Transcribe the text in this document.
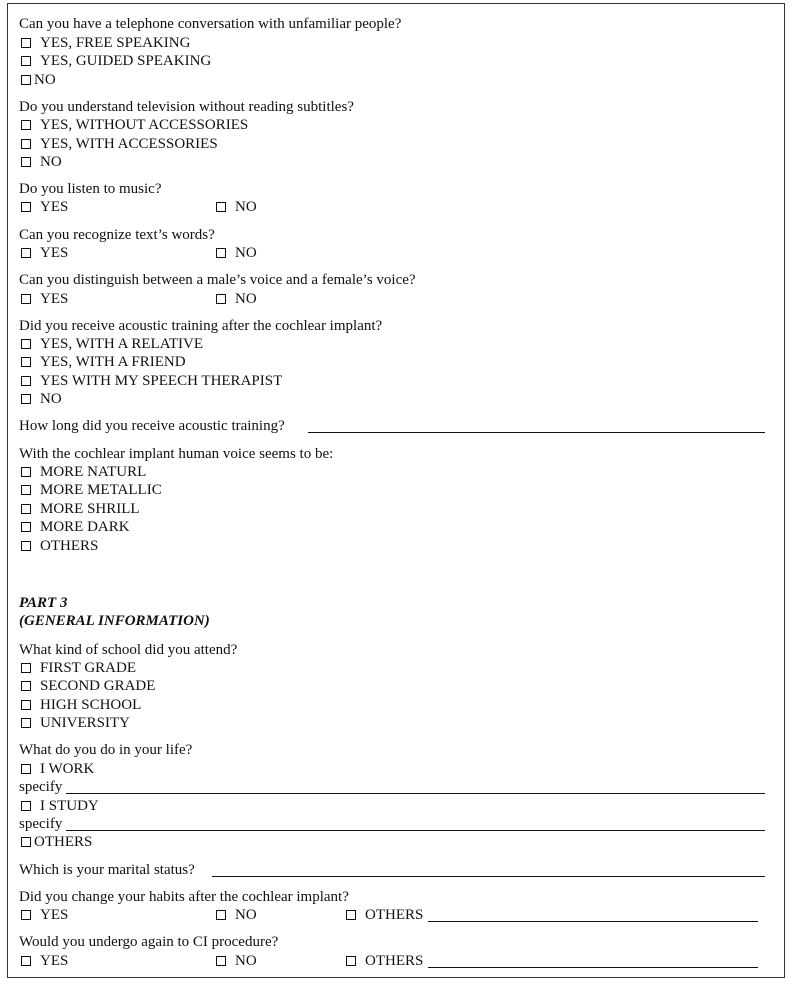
Can you have a telephone conversation with unfamiliar people?
YES, FREE SPEAKING
YES, GUIDED SPEAKING
NO
Do you understand television without reading subtitles?
YES, WITHOUT ACCESSORIES
YES, WITH ACCESSORIES
NO
Do you listen to music?
YES	NO
Can you recognize text’s words?
YES	NO
Can you distinguish between a male’s voice and a female’s voice?
YES	NO
Did you receive acoustic training after the cochlear implant?
YES, WITH A RELATIVE
YES, WITH A FRIEND
YES WITH MY SPEECH THERAPIST
NO
How long did you receive acoustic training?
With the cochlear implant human voice seems to be:
MORE NATURL
MORE METALLIC
MORE SHRILL
MORE DARK
OTHERS
PART 3
(GENERAL INFORMATION)
What kind of school did you attend?
FIRST GRADE
SECOND GRADE
HIGH SCHOOL
UNIVERSITY
What do you do in your life?
I WORK
specify
I STUDY
specify
OTHERS
Which is your marital status?
Did you change your habits after the cochlear implant?
YES	NO	OTHERS
Would you undergo again to CI procedure?
YES	NO	OTHERS
